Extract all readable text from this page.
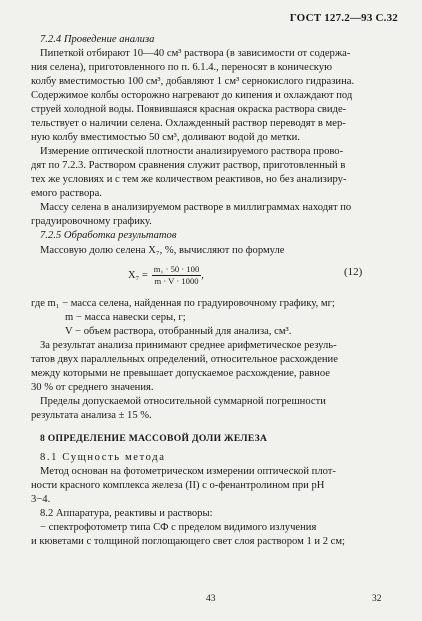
ГОСТ 127.2—93 С.32
7.2.4 Проведение анализа
Пипеткой отбирают 10—40 см³ раствора (в зависимости от содержа-
ния селена), приготовленного по п. 6.1.4., переносят в коническую
колбу вместимостью 100 см³, добавляют 1 см³ сернокислого гидразина.
Содержимое колбы осторожно нагревают до кипения и охлаждают под
струей холодной воды. Появившаяся красная окраска раствора свиде-
тельствует о наличии селена. Охлажденный раствор переводят в мер-
ную колбу вместимостью 50 см³, доливают водой до метки.
Измерение оптической плотности анализируемого раствора прово-
дят по 7.2.3. Раствором сравнения служит раствор, приготовленный в
тех же условиях и с тем же количеством реактивов, но без анализиру-
емого раствора.
Массу селена в анализируемом растворе в миллиграммах находят по
градуировочному графику.
7.2.5 Обработка результатов
Массовую долю селена X₇, %, вычисляют по формуле
$X_7 = \frac{\text{m₁ · 50 · 100}}{m \cdot V \cdot 1000}$ ,	(12)
где m₁ − масса селена, найденная по градуировочному графику, мг;
m − масса навески серы, г;
V − объем раствора, отобранный для анализа, см³.
За результат анализа принимают среднее арифметическое резуль-
татов двух параллельных определений, относительное расхождение
между которыми не превышает допускаемое расхождение, равное
30 % от среднего значения.
Пределы допускаемой относительной суммарной погрешности
результата анализа ± 15 %.
8 ОПРЕДЕЛЕНИЕ МАССОВОЙ ДОЛИ ЖЕЛЕЗА
8.1 Сущность метода
Метод основан на фотометрическом измерении оптической плот-
ности красного комплекса железа (II) с о-фенантролином при pH
3−4.
8.2 Аппаратура, реактивы и растворы:
− спектрофотометр типа СФ с пределом видимого излучения
и кюветами с толщиной поглощающего свет слоя раствором 1 и 2 см;
43	32
